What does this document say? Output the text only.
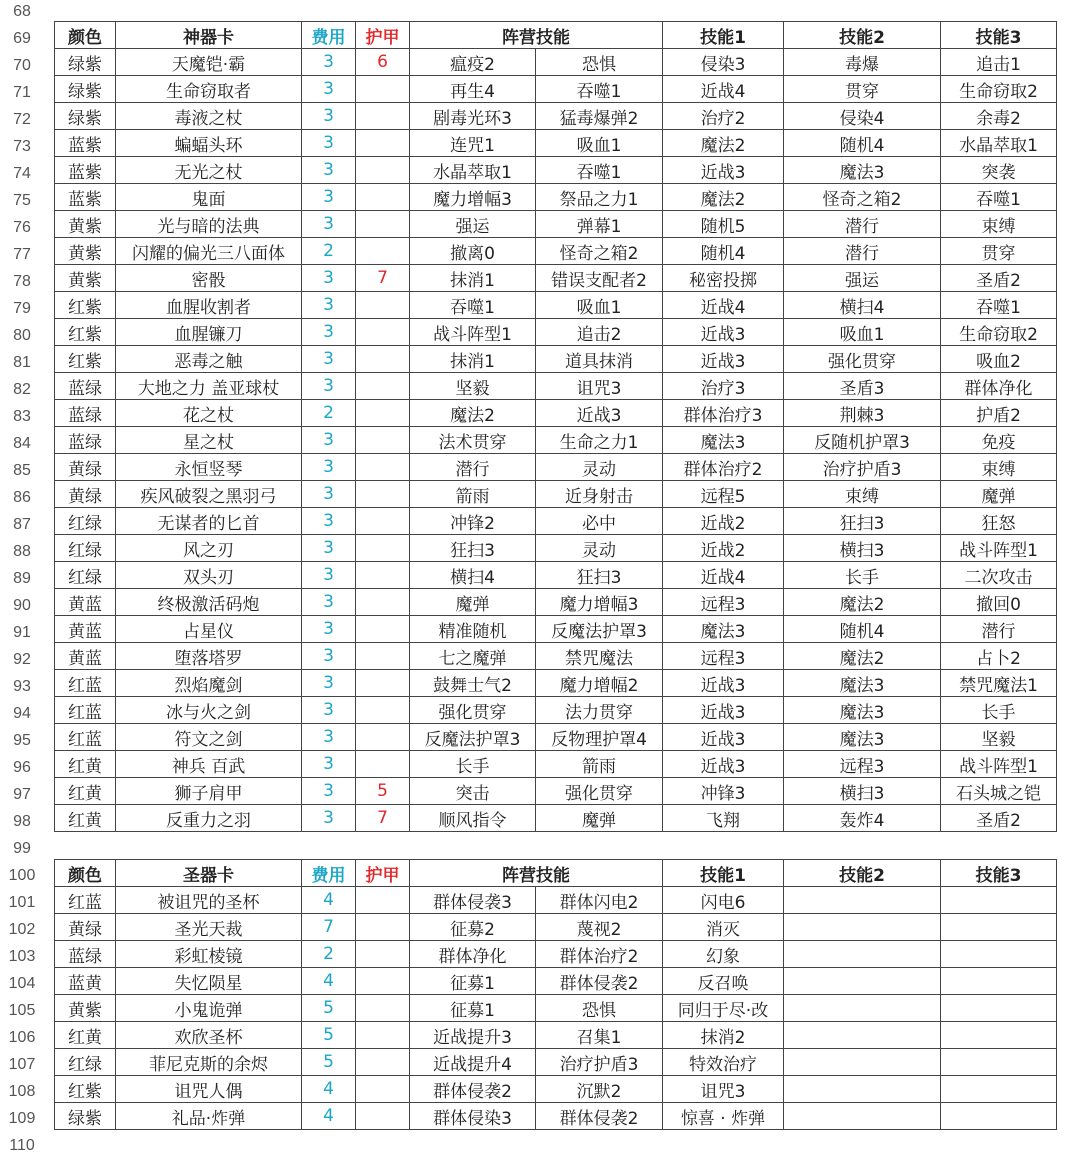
68
69
70
71
72
73
74
75
76
77
78
79
80
81
82
83
84
85
86
87
88
89
90
91
92
93
94
95
96
97
98
99
100
101
102
103
104
105
106
107
108
109
110
颜色	神器卡	费用	护甲	阵营技能		技能1	技能2	技能3
绿紫	天魔铠·霸	3	6	瘟疫2	恐惧	侵染3	毒爆	追击1
绿紫	生命窃取者	3		再生4	吞噬1	近战4	贯穿	生命窃取2
绿紫	毒液之杖	3		剧毒光环3	猛毒爆弹2	治疗2	侵染4	余毒2
蓝紫	蝙蝠头环	3		连咒1	吸血1	魔法2	随机4	水晶萃取1
蓝紫	无光之杖	3		水晶萃取1	吞噬1	近战3	魔法3	突袭
蓝紫	鬼面	3		魔力增幅3	祭品之力1	魔法2	怪奇之箱2	吞噬1
黄紫	光与暗的法典	3		强运	弹幕1	随机5	潜行	束缚
黄紫	闪耀的偏光三八面体	2		撤离0	怪奇之箱2	随机4	潜行	贯穿
黄紫	密骰	3	7	抹消1	错误支配者2	秘密投掷	强运	圣盾2
红紫	血腥收割者	3		吞噬1	吸血1	近战4	横扫4	吞噬1
红紫	血腥镰刀	3		战斗阵型1	追击2	近战3	吸血1	生命窃取2
红紫	恶毒之触	3		抹消1	道具抹消	近战3	强化贯穿	吸血2
蓝绿	大地之力 盖亚球杖	3		坚毅	诅咒3	治疗3	圣盾3	群体净化
蓝绿	花之杖	2		魔法2	近战3	群体治疗3	荆棘3	护盾2
蓝绿	星之杖	3		法术贯穿	生命之力1	魔法3	反随机护罩3	免疫
黄绿	永恒竖琴	3		潜行	灵动	群体治疗2	治疗护盾3	束缚
黄绿	疾风破裂之黑羽弓	3		箭雨	近身射击	远程5	束缚	魔弹
红绿	无谋者的匕首	3		冲锋2	必中	近战2	狂扫3	狂怒
红绿	风之刃	3		狂扫3	灵动	近战2	横扫3	战斗阵型1
红绿	双头刃	3		横扫4	狂扫3	近战4	长手	二次攻击
黄蓝	终极激活码炮	3		魔弹	魔力增幅3	远程3	魔法2	撤回0
黄蓝	占星仪	3		精准随机	反魔法护罩3	魔法3	随机4	潜行
黄蓝	堕落塔罗	3		七之魔弹	禁咒魔法	远程3	魔法2	占卜2
红蓝	烈焰魔剑	3		鼓舞士气2	魔力增幅2	近战3	魔法3	禁咒魔法1
红蓝	冰与火之剑	3		强化贯穿	法力贯穿	近战3	魔法3	长手
红蓝	符文之剑	3		反魔法护罩3	反物理护罩4	近战3	魔法3	坚毅
红黄	神兵 百武	3		长手	箭雨	近战3	远程3	战斗阵型1
红黄	狮子肩甲	3	5	突击	强化贯穿	冲锋3	横扫3	石头城之铠
红黄	反重力之羽	3	7	顺风指令	魔弹	飞翔	轰炸4	圣盾2
颜色	圣器卡	费用	护甲	阵营技能		技能1	技能2	技能3
红蓝	被诅咒的圣杯	4		群体侵袭3	群体闪电2	闪电6		
黄绿	圣光天裁	7		征募2	蔑视2	消灭		
蓝绿	彩虹棱镜	2		群体净化	群体治疗2	幻象		
蓝黄	失忆陨星	4		征募1	群体侵袭2	反召唤		
黄紫	小鬼诡弹	5		征募1	恐惧	同归于尽·改		
红黄	欢欣圣杯	5		近战提升3	召集1	抹消2		
红绿	菲尼克斯的余烬	5		近战提升4	治疗护盾3	特效治疗		
红紫	诅咒人偶	4		群体侵袭2	沉默2	诅咒3		
绿紫	礼品·炸弹	4		群体侵染3	群体侵袭2	惊喜 · 炸弹		
